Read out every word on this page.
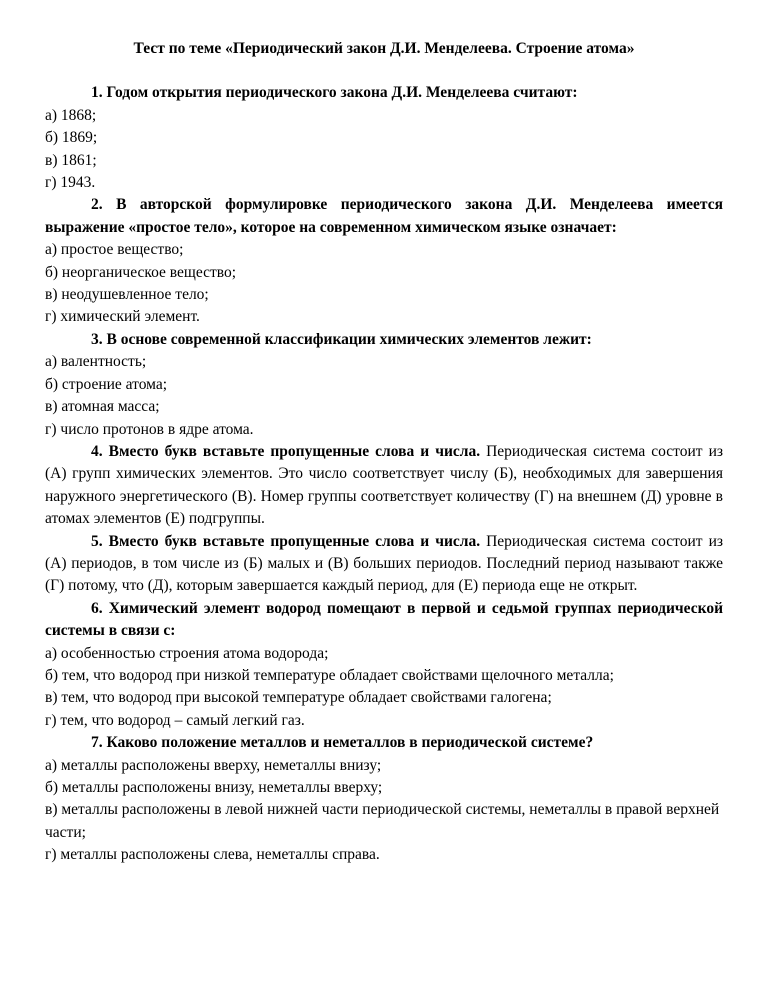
Тест по теме «Периодический закон Д.И. Менделеева. Строение атома»

1. Годом открытия периодического закона Д.И. Менделеева считают:

а) 1868;

б) 1869;

в) 1861;

г) 1943.

2. В авторской формулировке периодического закона Д.И. Менделеева имеется выражение «простое тело», которое на современном химическом языке означает:

а) простое вещество;

б) неорганическое вещество;

в) неодушевленное тело;

г) химический элемент.

3. В основе современной классификации химических элементов лежит:

а) валентность;

б) строение атома;

в) атомная масса;

г) число протонов в ядре атома.

4. Вместо букв вставьте пропущенные слова и числа. Периодическая система состоит из (А) групп химических элементов. Это число соответствует числу (Б), необходимых для завершения наружного энергетического (В). Номер группы соответствует количеству (Г) на внешнем (Д) уровне в атомах элементов (Е) подгруппы.

5. Вместо букв вставьте пропущенные слова и числа. Периодическая система состоит из (А) периодов, в том числе из (Б) малых и (В) больших периодов. Последний период называют также (Г) потому, что (Д), которым завершается каждый период, для (Е) периода еще не открыт.

6. Химический элемент водород помещают в первой и седьмой группах периодической системы в связи с:

а) особенностью строения атома водорода;

б) тем, что водород при низкой температуре обладает свойствами щелочного металла;

в) тем, что водород при высокой температуре обладает свойствами галогена;

г) тем, что водород – самый легкий газ.

7. Каково положение металлов и неметаллов в периодической системе?

а) металлы расположены вверху, неметаллы внизу;

б) металлы расположены внизу, неметаллы вверху;

в) металлы расположены в левой нижней части периодической системы, неметаллы в правой верхней части;

г) металлы расположены слева, неметаллы справа.
